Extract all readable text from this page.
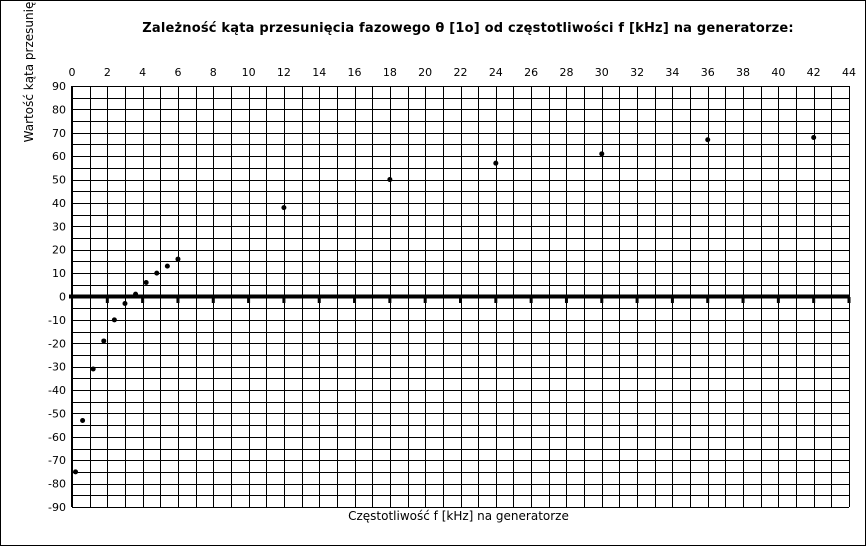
Zależność kąta przesunięcia fazowego θ [1o] od częstotliwości f [kHz] na generatorze:
Wartość kąta przesunię
Częstotliwość f [kHz] na generatorze
90
80
70
60
50
40
30
20
10
0
-10
-20
-30
-40
-50
-60
-70
-80
-90
0	2	4	6	8 10 12 14 16 18 20 22 24 26 28 30 32 34 36 38 40 42 44
